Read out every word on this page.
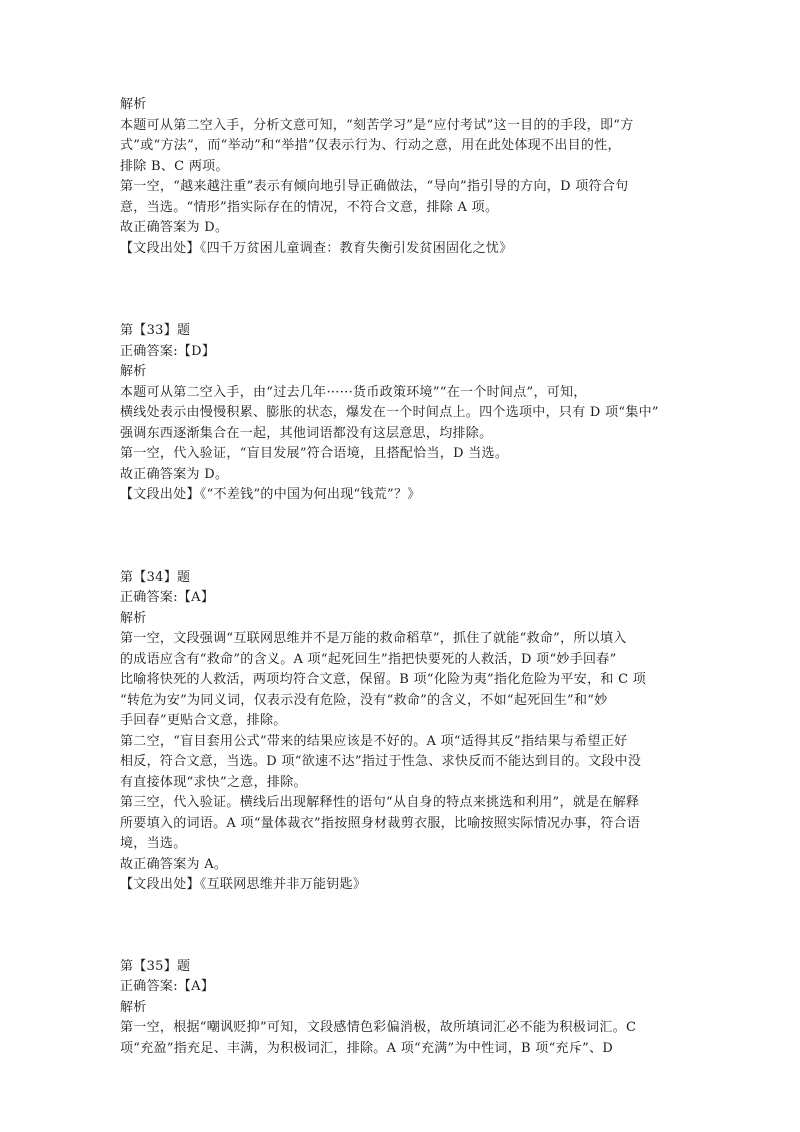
解析
本题可从第二空入手，分析文意可知，“刻苦学习”是“应付考试”这一目的的手段，即“方
式”或“方法”，而“举动”和“举措”仅表示行为、行动之意，用在此处体现不出目的性，
排除 B、C 两项。
第一空，“越来越注重”表示有倾向地引导正确做法，“导向”指引导的方向，D 项符合句
意，当选。“情形”指实际存在的情况，不符合文意，排除 A 项。
故正确答案为 D。
【文段出处】《四千万贫困儿童调查：教育失衡引发贫困固化之忧》
第【33】题
正确答案:【D】
解析
本题可从第二空入手，由“过去几年······货币政策环境”“在一个时间点”，可知，
横线处表示由慢慢积累、膨胀的状态，爆发在一个时间点上。四个选项中，只有 D 项“集中”
强调东西逐渐集合在一起，其他词语都没有这层意思，均排除。
第一空，代入验证，“盲目发展”符合语境，且搭配恰当，D 当选。
故正确答案为 D。
【文段出处】《“不差钱”的中国为何出现“钱荒”？》
第【34】题
正确答案:【A】
解析
第一空，文段强调“互联网思维并不是万能的救命稻草”，抓住了就能“救命”，所以填入
的成语应含有“救命”的含义。A 项“起死回生”指把快要死的人救活，D 项“妙手回春”
比喻将快死的人救活，两项均符合文意，保留。B 项“化险为夷”指化危险为平安，和 C 项
“转危为安”为同义词，仅表示没有危险，没有“救命”的含义，不如“起死回生”和“妙
手回春”更贴合文意，排除。
第二空，“盲目套用公式”带来的结果应该是不好的。A 项“适得其反”指结果与希望正好
相反，符合文意，当选。D 项“欲速不达”指过于性急、求快反而不能达到目的。文段中没
有直接体现“求快”之意，排除。
第三空，代入验证。横线后出现解释性的语句“从自身的特点来挑选和利用”，就是在解释
所要填入的词语。A 项“量体裁衣”指按照身材裁剪衣服，比喻按照实际情况办事，符合语
境，当选。
故正确答案为 A。
【文段出处】《互联网思维并非万能钥匙》
第【35】题
正确答案:【A】
解析
第一空，根据“嘲讽贬抑”可知，文段感情色彩偏消极，故所填词汇必不能为积极词汇。C
项“充盈”指充足、丰满，为积极词汇，排除。A 项“充满”为中性词，B 项“充斥”、D
